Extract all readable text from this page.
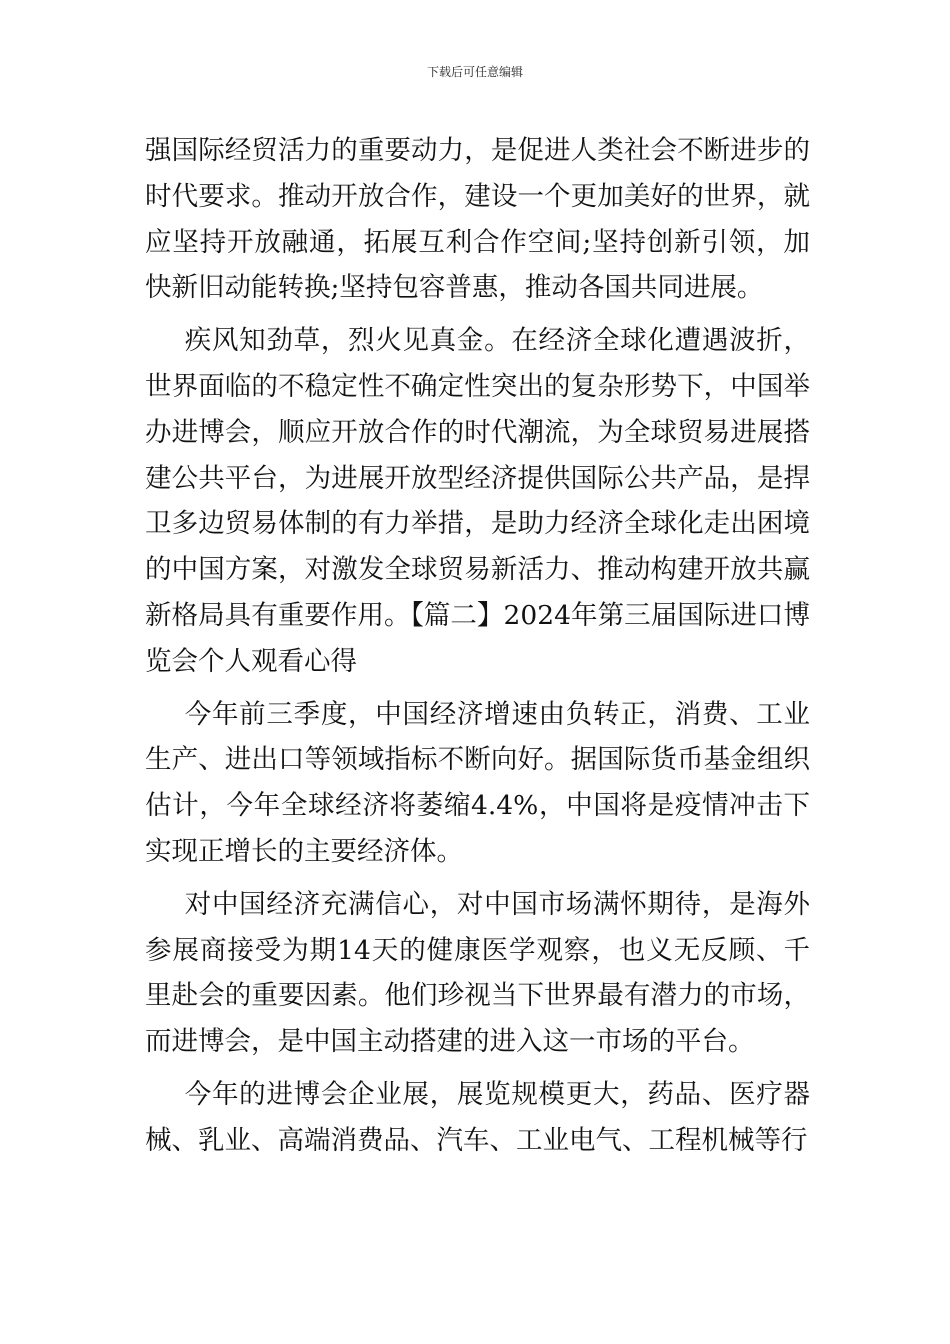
下载后可任意编辑

强国际经贸活力的重要动力，是促进人类社会不断进步的时代要求。推动开放合作，建设一个更加美好的世界，就应坚持开放融通，拓展互利合作空间;坚持创新引领，加快新旧动能转换;坚持包容普惠，推动各国共同进展。

疾风知劲草，烈火见真金。在经济全球化遭遇波折，世界面临的不稳定性不确定性突出的复杂形势下，中国举办进博会，顺应开放合作的时代潮流，为全球贸易进展搭建公共平台，为进展开放型经济提供国际公共产品，是捍卫多边贸易体制的有力举措，是助力经济全球化走出困境的中国方案，对激发全球贸易新活力、推动构建开放共赢新格局具有重要作用。【篇二】2024年第三届国际进口博览会个人观看心得

今年前三季度，中国经济增速由负转正，消费、工业生产、进出口等领域指标不断向好。据国际货币基金组织估计，今年全球经济将萎缩4.4%，中国将是疫情冲击下实现正增长的主要经济体。

对中国经济充满信心，对中国市场满怀期待，是海外参展商接受为期14天的健康医学观察，也义无反顾、千里赴会的重要因素。他们珍视当下世界最有潜力的市场，而进博会，是中国主动搭建的进入这一市场的平台。

今年的进博会企业展，展览规模更大，药品、医疗器械、乳业、高端消费品、汽车、工业电气、工程机械等行
